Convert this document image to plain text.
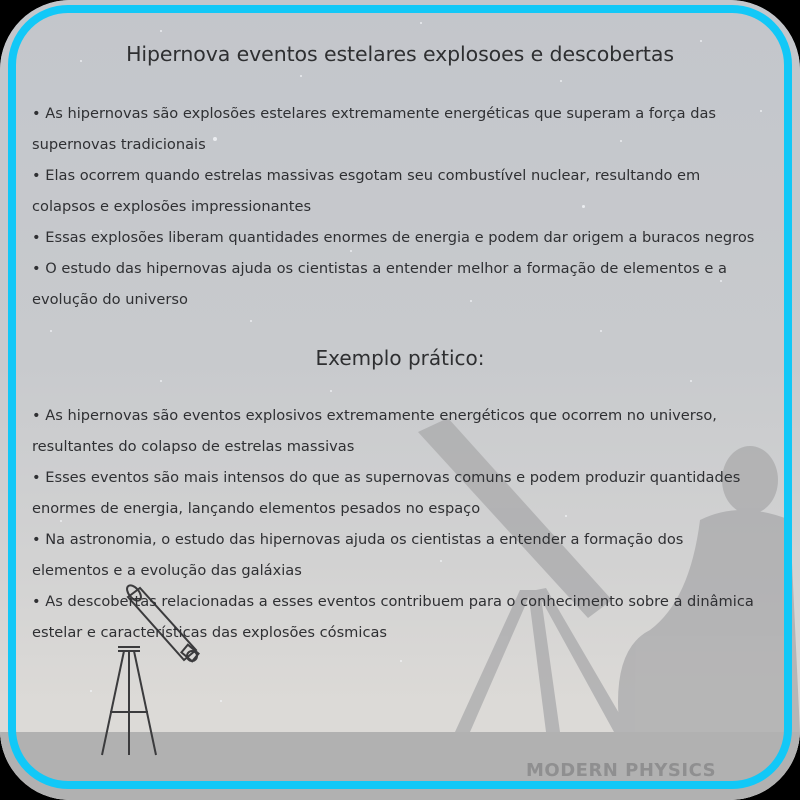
Hipernova eventos estelares explosoes e descobertas

• As hipernovas são explosões estelares extremamente energéticas que superam a força das supernovas tradicionais

• Elas ocorrem quando estrelas massivas esgotam seu combustível nuclear, resultando em colapsos e explosões impressionantes

• Essas explosões liberam quantidades enormes de energia e podem dar origem a buracos negros

• O estudo das hipernovas ajuda os cientistas a entender melhor a formação de elementos e a evolução do universo

Exemplo prático:

• As hipernovas são eventos explosivos extremamente energéticos que ocorrem no universo, resultantes do colapso de estrelas massivas

• Esses eventos são mais intensos do que as supernovas comuns e podem produzir quantidades enormes de energia, lançando elementos pesados no espaço

• Na astronomia, o estudo das hipernovas ajuda os cientistas a entender a formação dos elementos e a evolução das galáxias

• As descobertas relacionadas a esses eventos contribuem para o conhecimento sobre a dinâmica estelar e características das explosões cósmicas

MODERN PHYSICS
